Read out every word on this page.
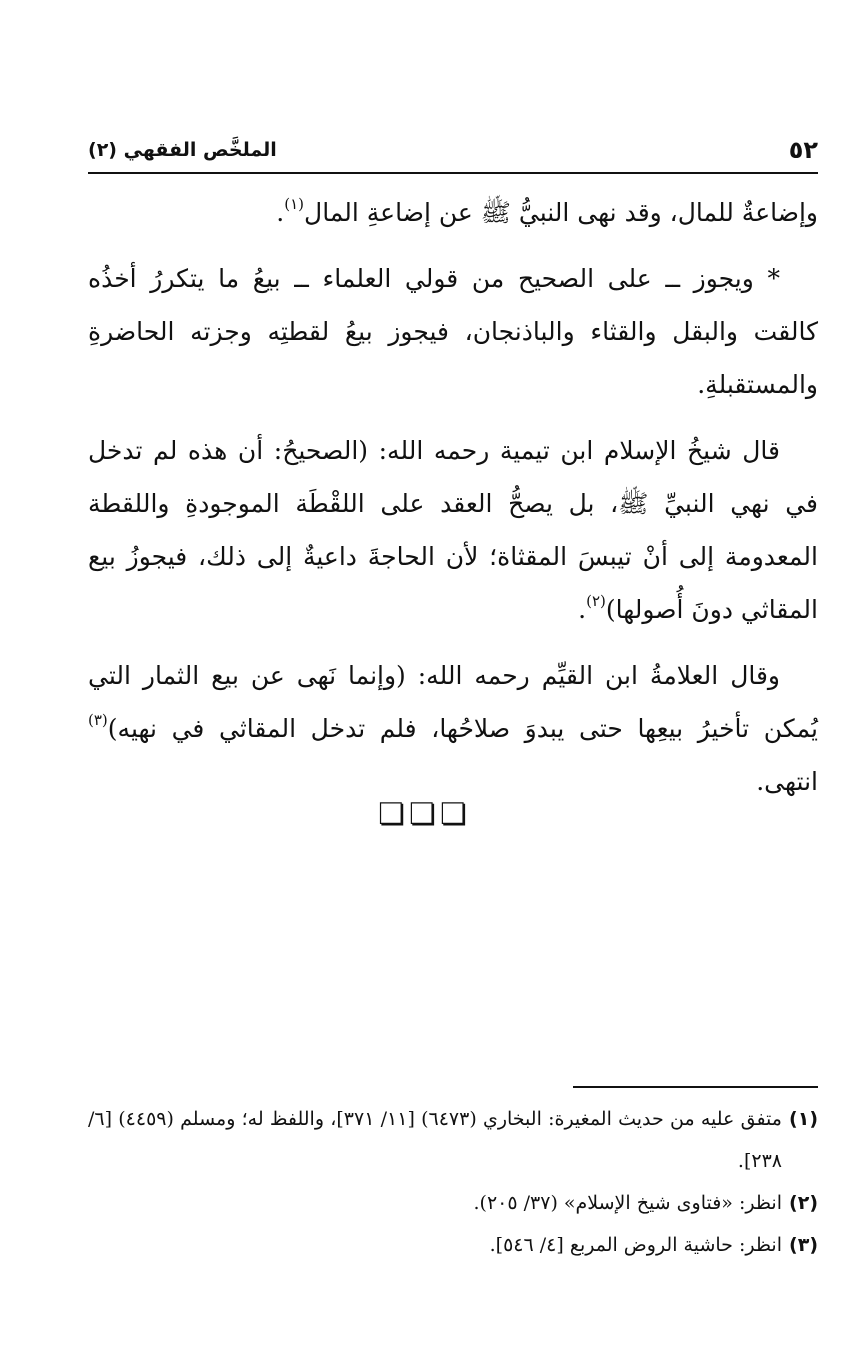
٥٢
الملخَّص الفقهي (٢)

وإضاعةٌ للمال، وقد نهى النبيُّ ﷺ عن إضاعةِ المال$^{(١)}$.

* ويجوز ــ على الصحيح من قولي العلماء ــ بيعُ ما يتكررُ أخذُه كالقت والبقل والقثاء والباذنجان، فيجوز بيعُ لقطتِه وجزته الحاضرةِ والمستقبلةِ.

قال شيخُ الإسلام ابن تيمية رحمه الله: (الصحيحُ: أن هذه لم تدخل في نهي النبيِّ ﷺ، بل يصحُّ العقد على اللقْطَة الموجودةِ واللقطة المعدومة إلى أنْ تيبسَ المقثاة؛ لأن الحاجةَ داعيةٌ إلى ذلك، فيجوزُ بيع المقاثي دونَ أُصولها)$^{(٢)}$.

وقال العلامةُ ابن القيِّم رحمه الله: (وإنما نَهى عن بيع الثمار التي يُمكن تأخيرُ بيعِها حتى يبدوَ صلاحُها، فلم تدخل المقاثي في نهيه)$^{(٣)}$ انتهى.

❏❏❏
(١)
متفق عليه من حديث المغيرة: البخاري (٦٤٧٣) [١١/ ٣٧١]، واللفظ له؛ ومسلم (٤٤٥٩) [٦/ ٢٣٨].
(٢)
انظر: «فتاوى شيخ الإسلام» (٣٧/ ٢٠٥).
(٣)
انظر: حاشية الروض المربع [٤/ ٥٤٦].
